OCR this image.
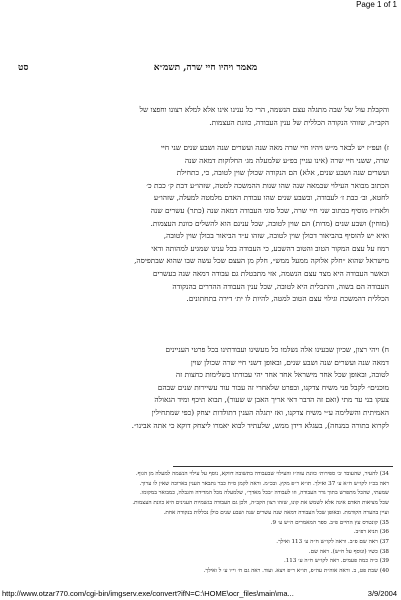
Page 1 of 1
מאמר ויהיו חיי שרה, תשמ״א
סט
והקבלת עול של שבה מתגלה עצם הנשמה, הרי כל ענינו אינו אלא למלא רצונו וחפצו של
הקב״ה, שזוהי הנקודה הכללית של ענין העבודה, כוונת העצמות.
ז) ועפ״ז יש לבאר מ״ש ויהיו חיי שרה מאה שנה ועשרים שנה ושבע שנים שני חיי
שרה, ששני חיי שרה (אינו עניין בפ״ע שלמעלה מג׳ החלוקות דמאה שנה
ועשרים שנה ושבע שנים, אלא) הם הנקודה שכולן שוין לטובה, כי, כתחילת
הכתוב מבואר העילוי שבמאה שנה שהו שנות ההמשכה למטה, שזהו״ע דבת ק׳ כבת כ׳
לחטא, וב׳ כבת ז׳ לעבודה, ובשבע שנים שהו עבודת האדם מלמטה למעלה, שזהו״ע
ולאח״ז מוסיף בכתוב שני חיי שרה, שכל סוגי העבודה דמאה שנה (כתר) עשרים שנה
(מוחין) ושבע שנים (מדות) הם שוין לטובה, שכל ענינם הוא להשלים כוונת העצמות.
ואיא יש להוסיף בהביאור דכולן שוין לטובה, שזהו ע״ד הביאור בכולן שוין לטובה,
רמוז על עצם המקור הטוב והטוב דהשבע, כי העבודה בכל ענינו שמגיע למהותה ודאי
מישראל שהוא ״חלק אלוקה ממעל ממש״, חלק מן העצם שכל עשה שבו שהוא שבתפיסה,
וכאשר העבודה היא מצד עצם הנשמה, אזי מתבטלת גם עבודה דמאה שנה בעשרים
העבודה הם בשוה, והתכלית היא לטובה, שכל ענין העבודה ההדרים בהנקודה
הכללית דהמשכת וגילוי עצם הטוב למטה, להיות לו ית׳ דירה בתחתונים.
ח) ויהי רצון, שכיון שבעינו אלה נשלמו כל מעשינו ועבודתינו בכל פרטי העניינים
דמאה שנה ועשרים שנה ושבע שנים, ובאופן דשני חיי שרה שכולן שוין
לטובה, ובאופן שכל אחד מישראל אחד אחד יהי עבודתו בשלימות כחצות זה
מוכנים״ לקבל פני משיח צדקנו, ובפרט שלאחרי זה עבור עוד עשיירות שנים שבהם
צעקו בני עד מתי (ואם זה הדבר דאי אריך האבן ש שעור), תבוא תיכף ומיד הגאולה
האמיתית והשלימה ע״י משיח צדקנו, ואז יתגלה הענין דתולדות יצחק (כפי שמתחילין
לקרוא בתורה במנחה), בעגלא דידן ממש, שלעתיד לבוא יאמרו ליצחק דוקא כי אתה אבינו״.
34) להעיר, שהעובד ׳ב׳ ספירות׳ כוונת עוה״ז והעילוי שבעבודה בתשובה דווקא, נוסף על עילוי הנשמה למעלה מן הגוף.
ראה בכ״ז לקו״ש ח״א ע׳ 37 ואילך. תו״א ר״פ מקץ. ובכ״מ. וראה לקמן ס״ח כבר נתבאר הענין בארוכה שאין לו ערוך.
שמעתי, שהכל מתפרש בתוך גדר העבודה, וזו לעבודה ״בכל מאדך״, שלמעלה מכל המדידה והגבלה, כמבואר במקומו.
שכל מציאות האדם אינה אלא לשמש את קונו, שזהו רצון הקב״ה, ולכן גם העבודה בגשמיות הענינים היא כוונת העצמות.
ועיין בהערה הקודמת. ובאופן שכל העבודה דמאה שנה עשרים שנה ושבע שנים כולן נכללות בנקודה אחת.
35) קונטרס עץ החיים פ״ב. ספר המאמרים ה״ש ע׳ 9.
36) תניא רפ״ב.
37) ראה שם פ״ב. וראה לקו״ש ח״ה ע׳ 113 ואילך.
38) כשיו (ונוסף על ח״ש). ראה שם.
39) כ״ה כמה פעמים. ראה לקו״ש ח״ה ע׳ 113.
40) שבת פט, ב. וראה אוה״ת עה״פ, תו״א ר״פ ויצא. ועוד. ראה גם ח׳ וי״ו ע׳ ל ואילך.
http://www.otzar770.com/cgi-bin/imgserv.exe/convert?ifN=C:\HOME\ocr_files\main\ma...	3/9/2004
